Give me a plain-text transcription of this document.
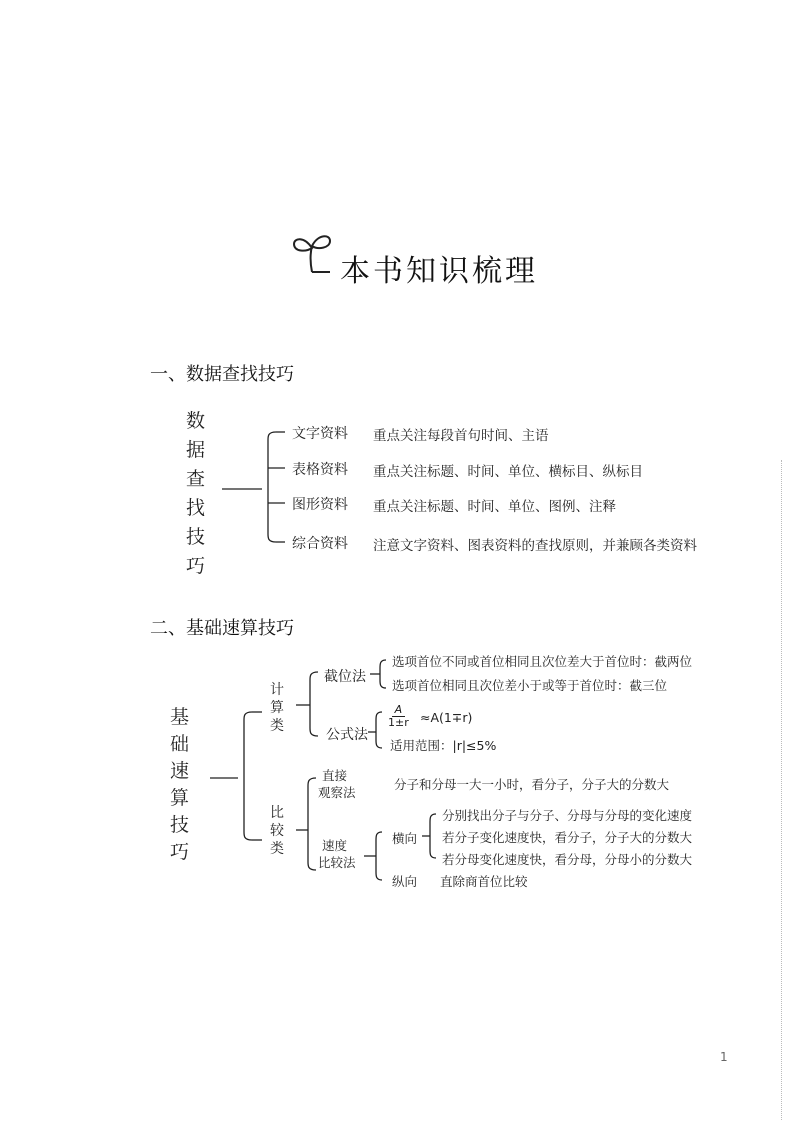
本书知识梳理
一、数据查找技巧
数
据
查
找
技
巧
文字资料 重点关注每段首句时间、主语
表格资料 重点关注标题、时间、单位、横标目、纵标目
图形资料 重点关注标题、时间、单位、图例、注释
综合资料 注意文字资料、图表资料的查找原则，并兼顾各类资料
二、基础速算技巧
基
础
速
算
技
巧
计
算
类
截位法
选项首位不同或首位相同且次位差大于首位时：截两位
选项首位相同且次位差小于或等于首位时：截三位
公式法
$\frac{A}{1\pm r} \approx A(1\mp r)$
适用范围：|r|≤5%
比
较
类
直接
观察法
分子和分母一大一小时，看分子，分子大的分数大
速度
比较法
横向
分别找出分子与分子、分母与分母的变化速度
若分子变化速度快，看分子，分子大的分数大
若分母变化速度快，看分母，分母小的分数大
纵向 直除商首位比较
1
